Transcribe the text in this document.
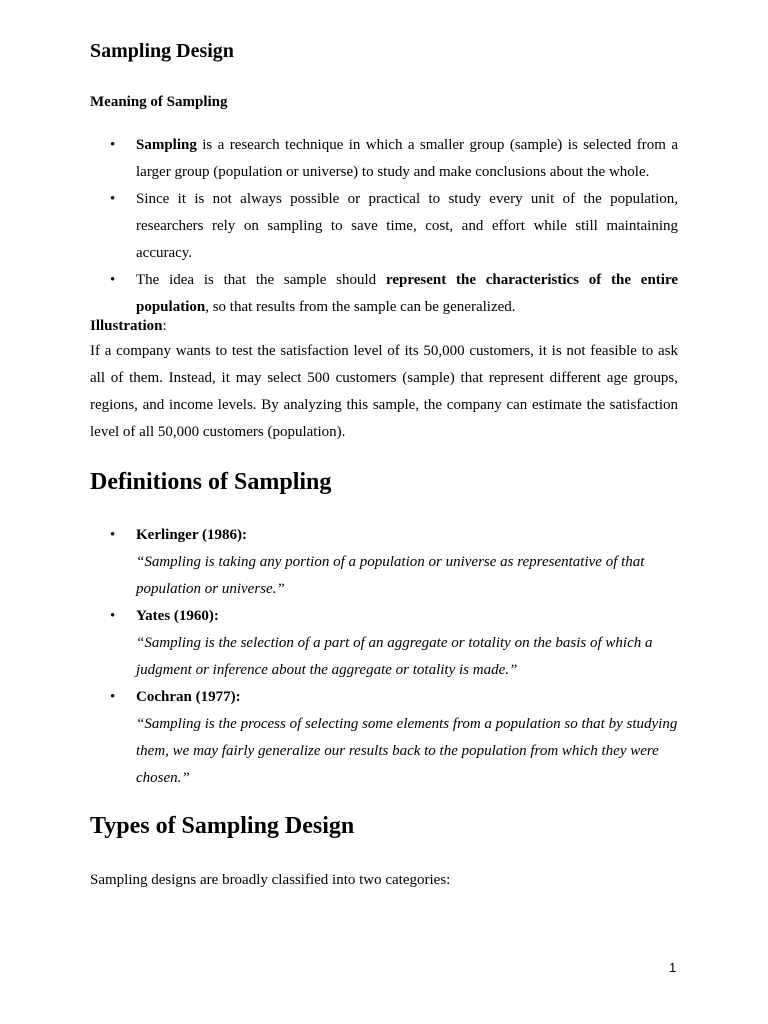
Sampling Design
Meaning of Sampling
• Sampling is a research technique in which a smaller group (sample) is selected from a larger group (population or universe) to study and make conclusions about the whole.
• Since it is not always possible or practical to study every unit of the population, researchers rely on sampling to save time, cost, and effort while still maintaining accuracy.
• The idea is that the sample should represent the characteristics of the entire population, so that results from the sample can be generalized.
Illustration:

If a company wants to test the satisfaction level of its 50,000 customers, it is not feasible to ask all of them. Instead, it may select 500 customers (sample) that represent different age groups, regions, and income levels. By analyzing this sample, the company can estimate the satisfaction level of all 50,000 customers (population).

Definitions of Sampling
• Kerlinger (1986):
“Sampling is taking any portion of a population or universe as representative of that population or universe.”
• Yates (1960):
“Sampling is the selection of a part of an aggregate or totality on the basis of which a judgment or inference about the aggregate or totality is made.”
• Cochran (1977):
“Sampling is the process of selecting some elements from a population so that by studying them, we may fairly generalize our results back to the population from which they were chosen.”
Types of Sampling Design

Sampling designs are broadly classified into two categories:

1
